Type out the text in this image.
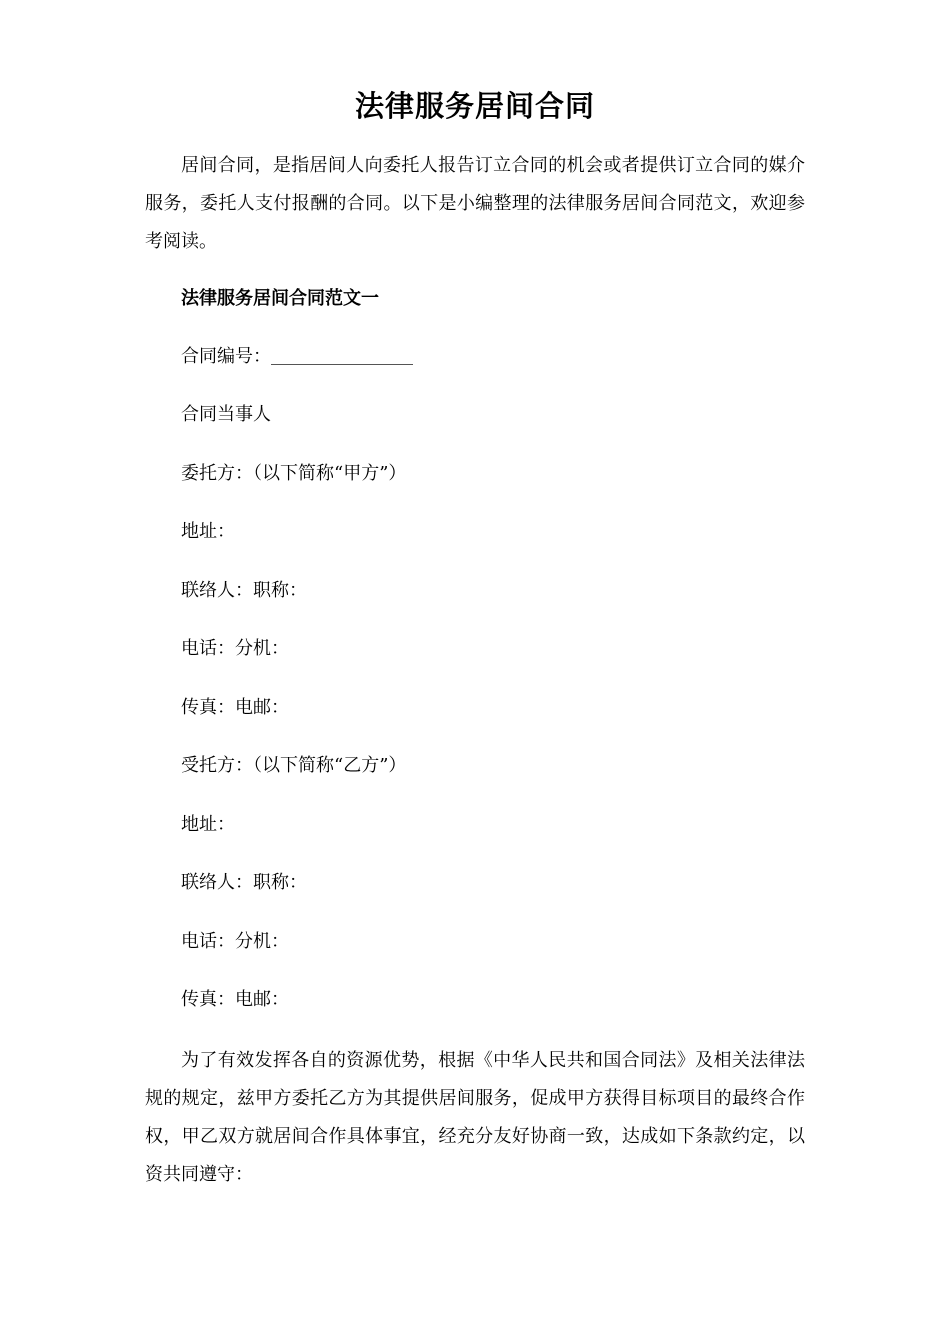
法律服务居间合同
居间合同，是指居间人向委托人报告订立合同的机会或者提供订立合同的媒介服务，委托人支付报酬的合同。以下是小编整理的法律服务居间合同范文，欢迎参考阅读。
法律服务居间合同范文一
合同编号：
合同当事人
委托方：（以下简称“甲方”）
地址：
联络人：职称：
电话：分机：
传真：电邮：
受托方：（以下简称“乙方”）
地址：
联络人：职称：
电话：分机：
传真：电邮：
为了有效发挥各自的资源优势，根据《中华人民共和国合同法》及相关法律法规的规定，兹甲方委托乙方为其提供居间服务，促成甲方获得目标项目的最终合作权，甲乙双方就居间合作具体事宜，经充分友好协商一致，达成如下条款约定，以资共同遵守：
